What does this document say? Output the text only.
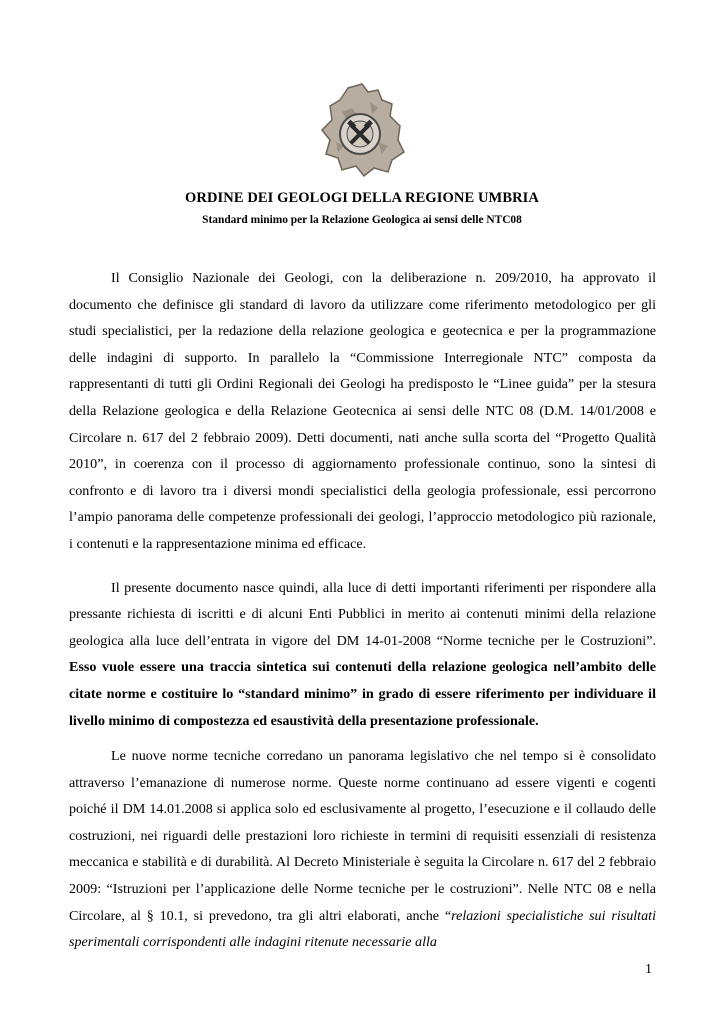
ORDINE DEI GEOLOGI DELLA REGIONE UMBRIA
Standard minimo per la Relazione Geologica ai sensi delle NTC08

Il Consiglio Nazionale dei Geologi, con la deliberazione n. 209/2010, ha approvato il documento che definisce gli standard di lavoro da utilizzare come riferimento metodologico per gli studi specialistici, per la redazione della relazione geologica e geotecnica e per la programmazione delle indagini di supporto. In parallelo la “Commissione Interregionale NTC” composta da rappresentanti di tutti gli Ordini Regionali dei Geologi ha predisposto le “Linee guida” per la stesura della Relazione geologica e della Relazione Geotecnica ai sensi delle NTC 08 (D.M. 14/01/2008 e Circolare n. 617 del 2 febbraio 2009). Detti documenti, nati anche sulla scorta del “Progetto Qualità 2010”, in coerenza con il processo di aggiornamento professionale continuo, sono la sintesi di confronto e di lavoro tra i diversi mondi specialistici della geologia professionale, essi percorrono l’ampio panorama delle competenze professionali dei geologi, l’approccio metodologico più razionale, i contenuti e la rappresentazione minima ed efficace.

Il presente documento nasce quindi, alla luce di detti importanti riferimenti per rispondere alla pressante richiesta di iscritti e di alcuni Enti Pubblici in merito ai contenuti minimi della relazione geologica alla luce dell’entrata in vigore del DM 14-01-2008 “Norme tecniche per le Costruzioni”. Esso vuole essere una traccia sintetica sui contenuti della relazione geologica nell’ambito delle citate norme e costituire lo “standard minimo” in grado di essere riferimento per individuare il livello minimo di compostezza ed esaustività della presentazione professionale.

Le nuove norme tecniche corredano un panorama legislativo che nel tempo si è consolidato attraverso l’emanazione di numerose norme. Queste norme continuano ad essere vigenti e cogenti poiché il DM 14.01.2008 si applica solo ed esclusivamente al progetto, l’esecuzione e il collaudo delle costruzioni, nei riguardi delle prestazioni loro richieste in termini di requisiti essenziali di resistenza meccanica e stabilità e di durabilità. Al Decreto Ministeriale è seguita la Circolare n. 617 del 2 febbraio 2009: “Istruzioni per l’applicazione delle Norme tecniche per le costruzioni”. Nelle NTC 08 e nella Circolare, al § 10.1, si prevedono, tra gli altri elaborati, anche “relazioni specialistiche sui risultati sperimentali corrispondenti alle indagini ritenute necessarie alla

1
